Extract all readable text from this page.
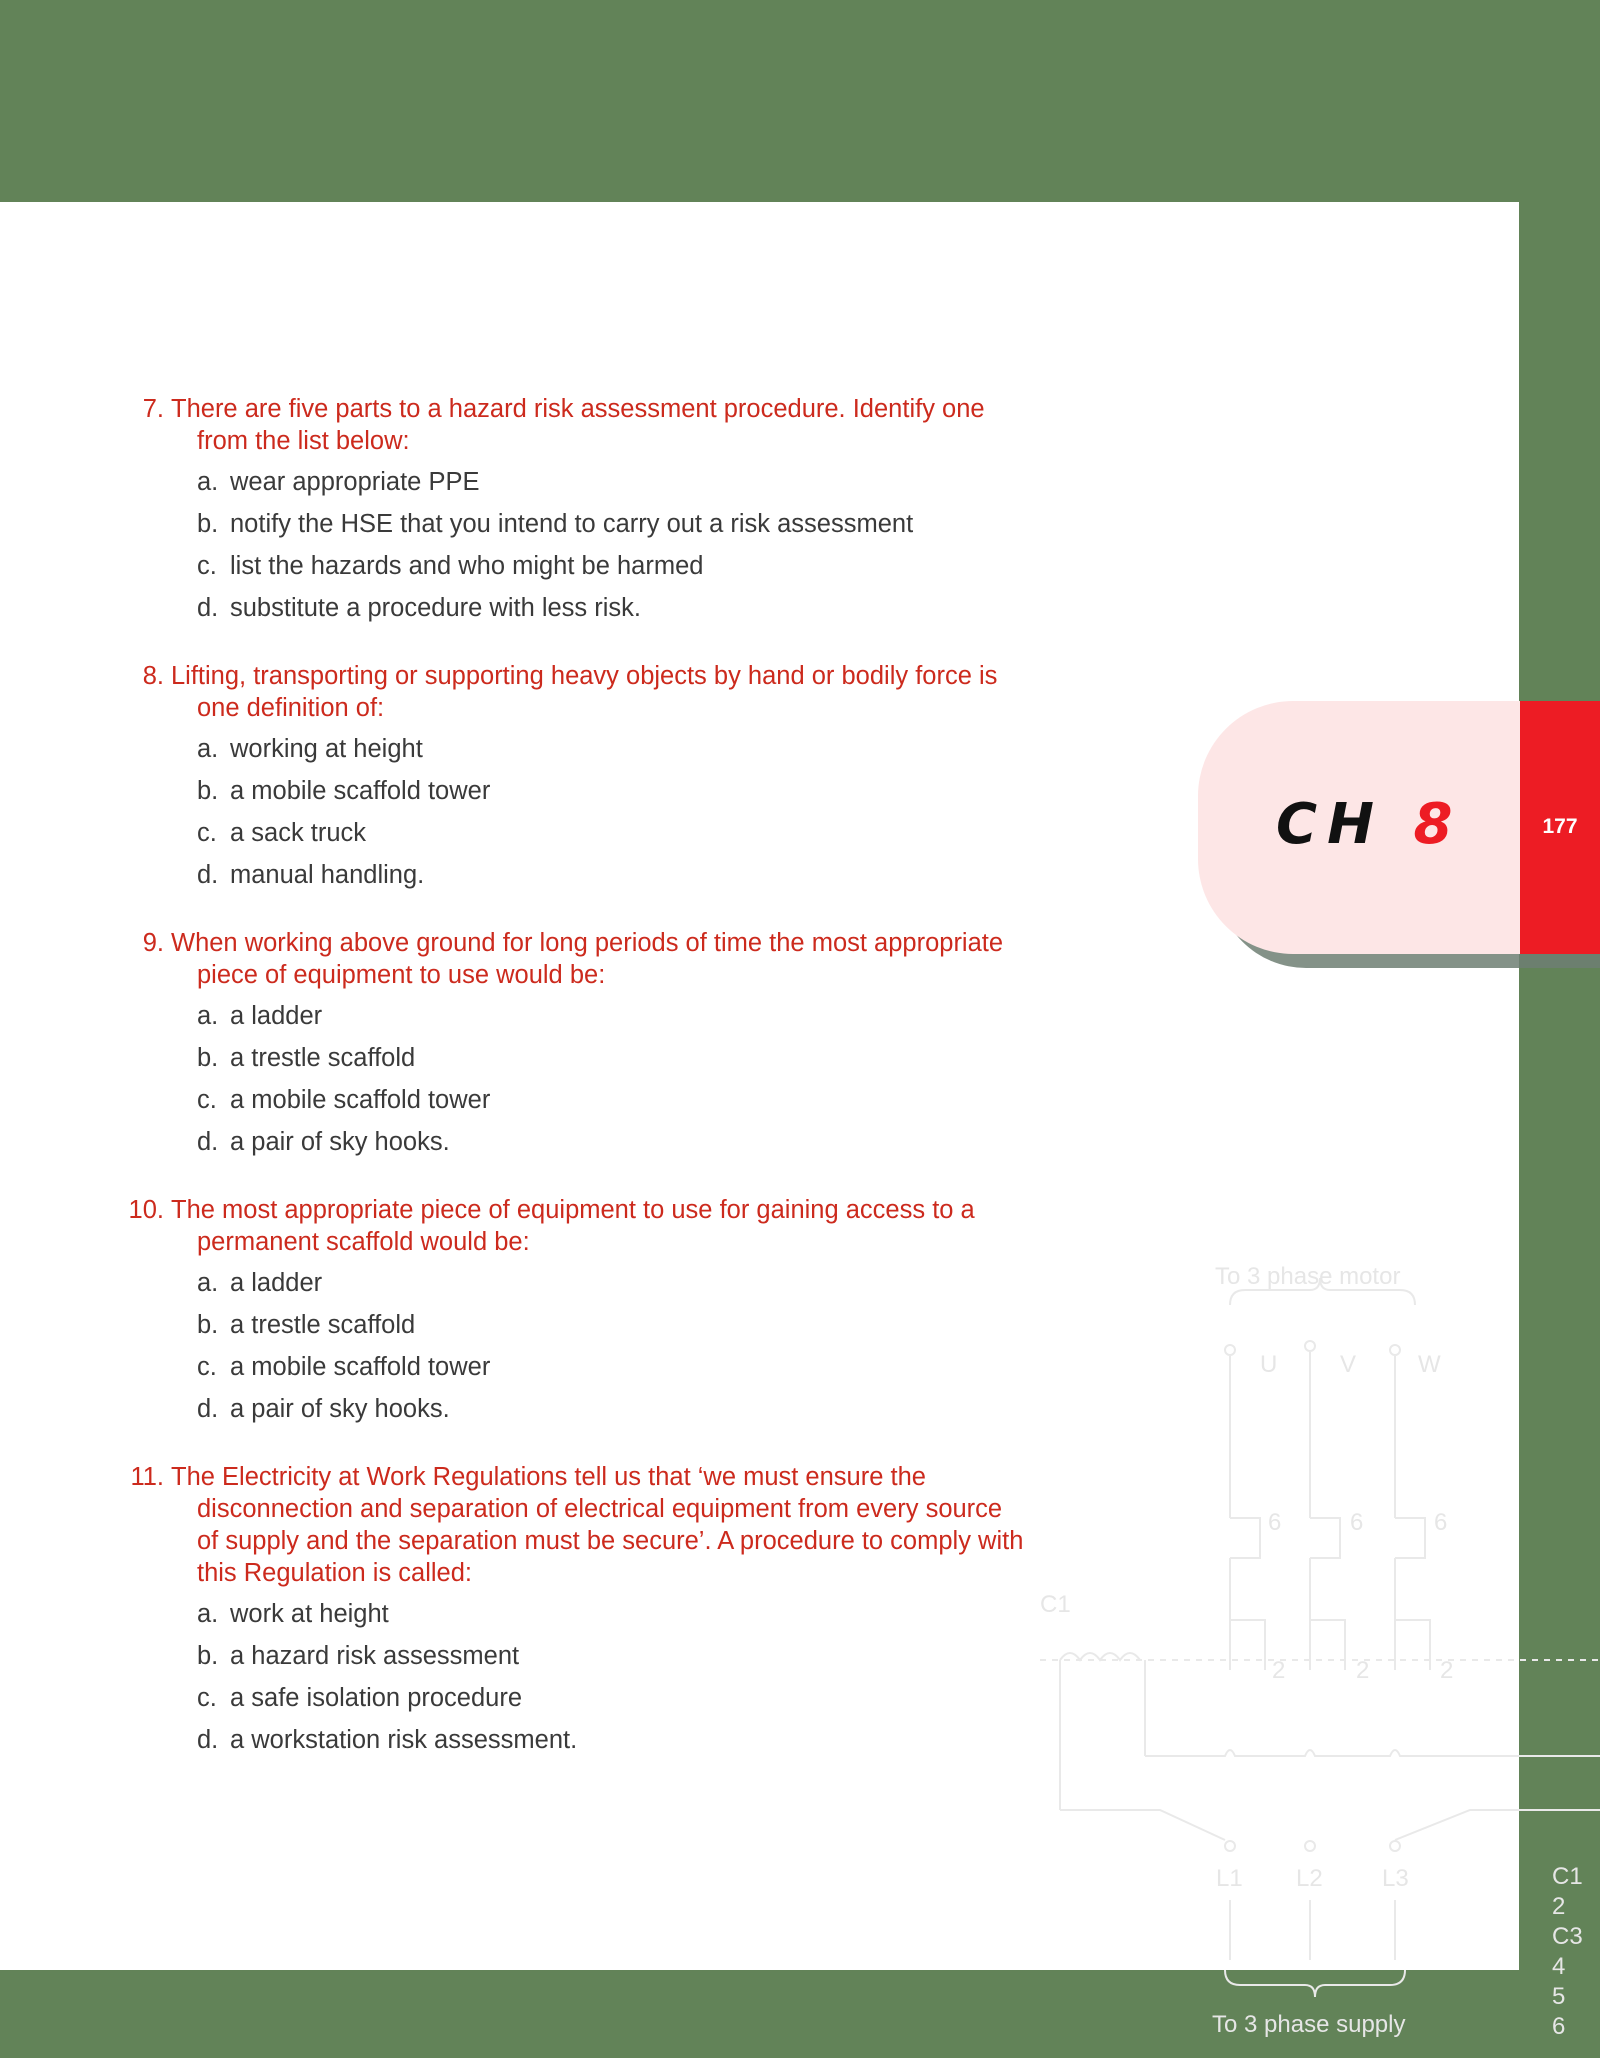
7. There are five parts to a hazard risk assessment procedure. Identify one from the list below:
a. wear appropriate PPE
b. notify the HSE that you intend to carry out a risk assessment
c. list the hazards and who might be harmed
d. substitute a procedure with less risk.
8. Lifting, transporting or supporting heavy objects by hand or bodily force is one definition of:
a. working at height
b. a mobile scaffold tower
c. a sack truck
d. manual handling.
9. When working above ground for long periods of time the most appropriate piece of equipment to use would be:
a. a ladder
b. a trestle scaffold
c. a mobile scaffold tower
d. a pair of sky hooks.
10. The most appropriate piece of equipment to use for gaining access to a permanent scaffold would be:
a. a ladder
b. a trestle scaffold
c. a mobile scaffold tower
d. a pair of sky hooks.
11. The Electricity at Work Regulations tell us that ‘we must ensure the disconnection and separation of electrical equipment from every source of supply and the separation must be secure’. A procedure to comply with this Regulation is called:
a. work at height
b. a hazard risk assessment
c. a safe isolation procedure
d. a workstation risk assessment.
CH 8	177
To 3 phase motor
U	V	W
6	6	6
C1
2	2	2
L1 L2 L3
To 3 phase supply
C1
2
C3
4
5
6
